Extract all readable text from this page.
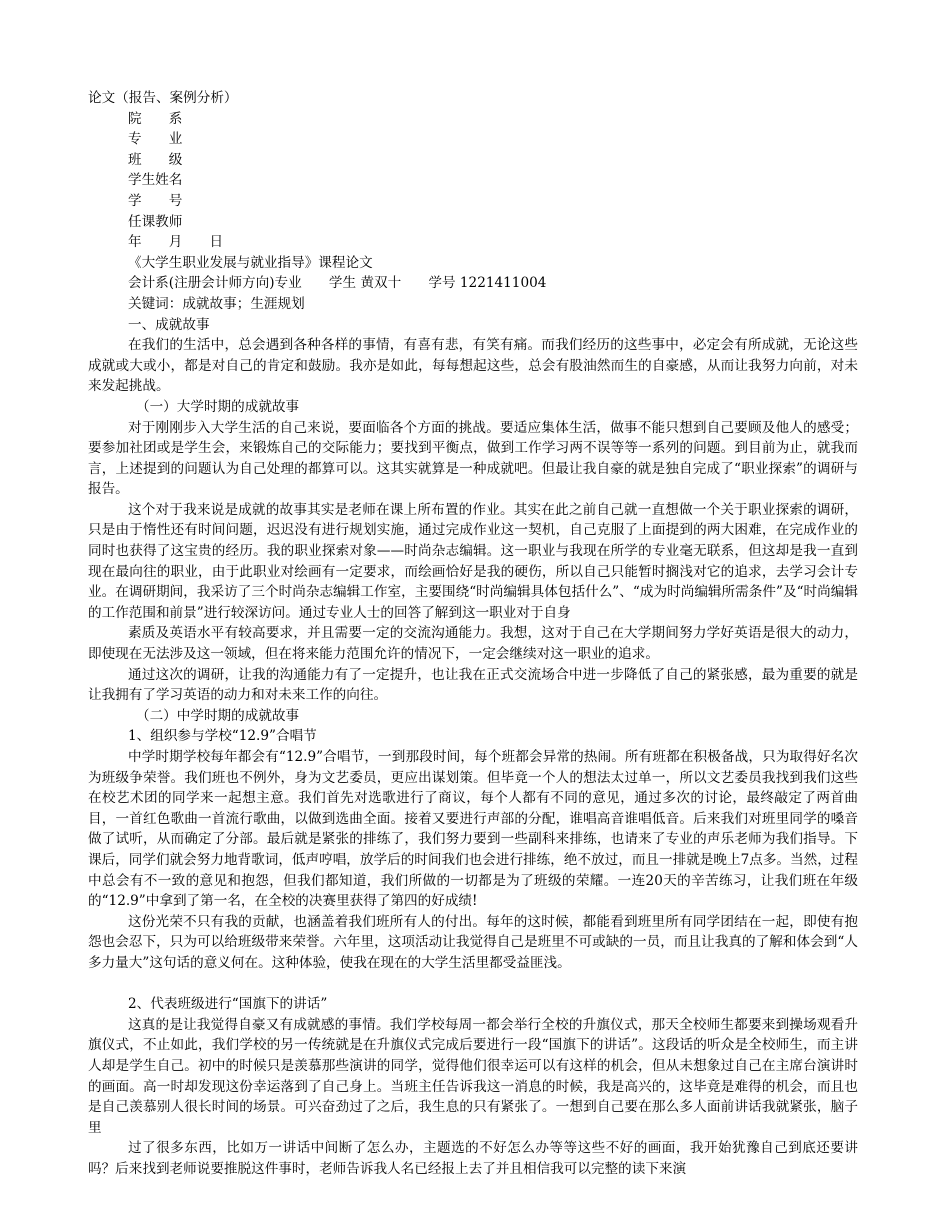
论文（报告、案例分析）
院　　系
专　　业
班　　级
学生姓名
学　　号
任课教师
年　　月　　日
《大学生职业发展与就业指导》课程论文
会计系(注册会计师方向)专业　　学生 黄双十　　学号 1221411004
关键词：成就故事；生涯规划
一、成就故事

在我们的生活中，总会遇到各种各样的事情，有喜有悲，有笑有痛。而我们经历的这些事中，必定会有所成就，无论这些成就或大或小，都是对自己的肯定和鼓励。我亦是如此，每每想起这些，总会有股油然而生的自豪感，从而让我努力向前，对未来发起挑战。

（一）大学时期的成就故事

对于刚刚步入大学生活的自己来说，要面临各个方面的挑战。要适应集体生活，做事不能只想到自己要顾及他人的感受；要参加社团或是学生会，来锻炼自己的交际能力；要找到平衡点，做到工作学习两不误等等一系列的问题。到目前为止，就我而言，上述提到的问题认为自己处理的都算可以。这其实就算是一种成就吧。但最让我自豪的就是独自完成了“职业探索”的调研与报告。

这个对于我来说是成就的故事其实是老师在课上所布置的作业。其实在此之前自己就一直想做一个关于职业探索的调研，只是由于惰性还有时间问题，迟迟没有进行规划实施，通过完成作业这一契机，自己克服了上面提到的两大困难，在完成作业的同时也获得了这宝贵的经历。我的职业探索对象——时尚杂志编辑。这一职业与我现在所学的专业毫无联系，但这却是我一直到现在最向往的职业，由于此职业对绘画有一定要求，而绘画恰好是我的硬伤，所以自己只能暂时搁浅对它的追求，去学习会计专业。在调研期间，我采访了三个时尚杂志编辑工作室，主要围绕“时尚编辑具体包括什么”、“成为时尚编辑所需条件”及“时尚编辑的工作范围和前景”进行较深访问。通过专业人士的回答了解到这一职业对于自身

素质及英语水平有较高要求，并且需要一定的交流沟通能力。我想，这对于自己在大学期间努力学好英语是很大的动力，即使现在无法涉及这一领域，但在将来能力范围允许的情况下，一定会继续对这一职业的追求。

通过这次的调研，让我的沟通能力有了一定提升，也让我在正式交流场合中进一步降低了自己的紧张感，最为重要的就是让我拥有了学习英语的动力和对未来工作的向往。

（二）中学时期的成就故事
1、组织参与学校“12.9”合唱节

中学时期学校每年都会有“12.9”合唱节，一到那段时间，每个班都会异常的热闹。所有班都在积极备战，只为取得好名次为班级争荣誉。我们班也不例外，身为文艺委员，更应出谋划策。但毕竟一个人的想法太过单一，所以文艺委员我找到我们这些在校艺术团的同学来一起想主意。我们首先对选歌进行了商议，每个人都有不同的意见，通过多次的讨论，最终敲定了两首曲目，一首红色歌曲一首流行歌曲，以做到选曲全面。接着又要进行声部的分配，谁唱高音谁唱低音。后来我们对班里同学的嗓音做了试听，从而确定了分部。最后就是紧张的排练了，我们努力要到一些副科来排练，也请来了专业的声乐老师为我们指导。下课后，同学们就会努力地背歌词，低声哼唱，放学后的时间我们也会进行排练，绝不放过，而且一排就是晚上7点多。当然，过程中总会有不一致的意见和抱怨，但我们都知道，我们所做的一切都是为了班级的荣耀。一连20天的辛苦练习，让我们班在年级的“12.9”中拿到了第一名，在全校的决赛里获得了第四的好成绩!

这份光荣不只有我的贡献，也涵盖着我们班所有人的付出。每年的这时候，都能看到班里所有同学团结在一起，即使有抱怨也会忍下，只为可以给班级带来荣誉。六年里，这项活动让我觉得自己是班里不可或缺的一员，而且让我真的了解和体会到“人多力量大”这句话的意义何在。这种体验，使我在现在的大学生活里都受益匪浅。

2、代表班级进行“国旗下的讲话”

这真的是让我觉得自豪又有成就感的事情。我们学校每周一都会举行全校的升旗仪式，那天全校师生都要来到操场观看升旗仪式，不止如此，我们学校的另一传统就是在升旗仪式完成后要进行一段“国旗下的讲话”。这段话的听众是全校师生，而主讲人却是学生自己。初中的时候只是羡慕那些演讲的同学，觉得他们很幸运可以有这样的机会，但从未想象过自己在主席台演讲时的画面。高一时却发现这份幸运落到了自己身上。当班主任告诉我这一消息的时候，我是高兴的，这毕竟是难得的机会，而且也是自己羡慕别人很长时间的场景。可兴奋劲过了之后，我生息的只有紧张了。一想到自己要在那么多人面前讲话我就紧张，脑子里

过了很多东西，比如万一讲话中间断了怎么办，主题选的不好怎么办等等这些不好的画面，我开始犹豫自己到底还要讲吗？后来找到老师说要推脱这件事时，老师告诉我人名已经报上去了并且相信我可以完整的读下来演
